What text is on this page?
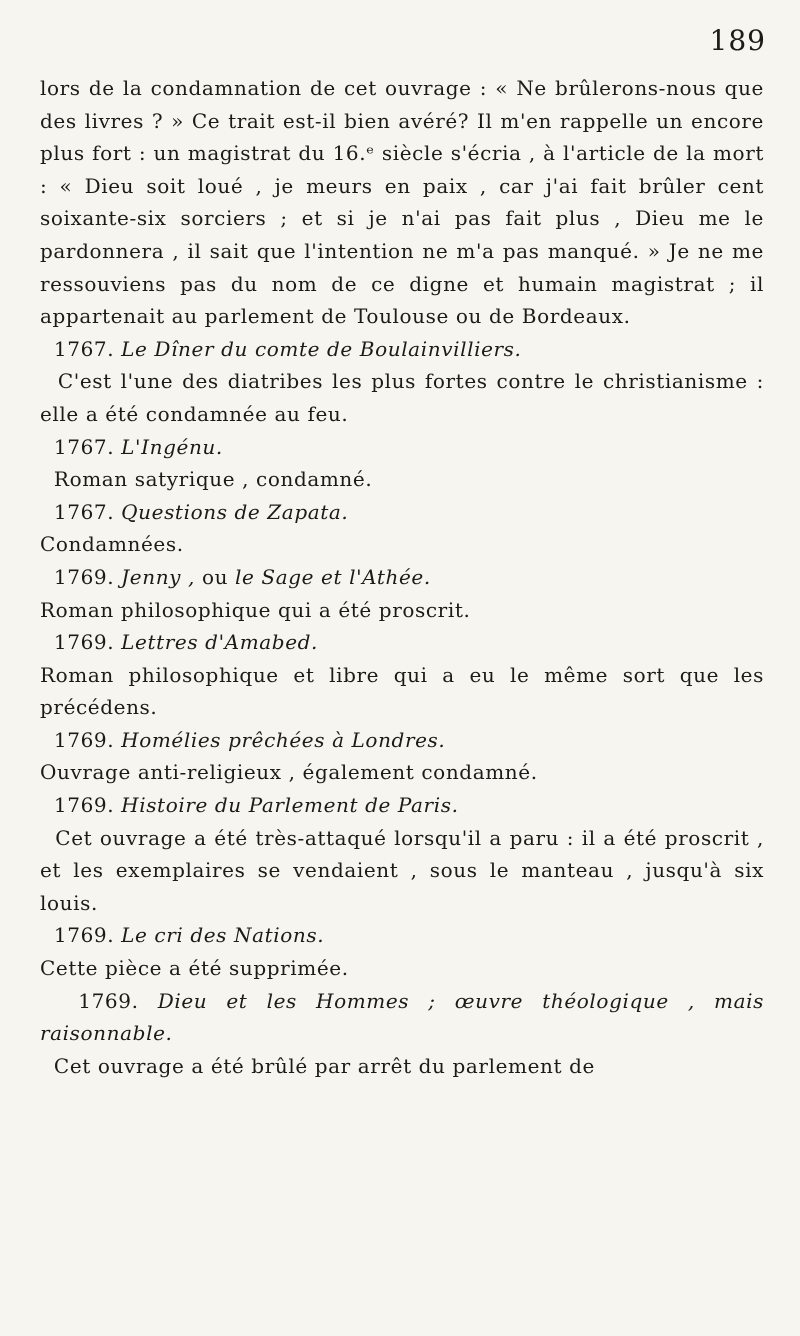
189

lors de la condamnation de cet ouvrage : « Ne brûlerons-nous que des livres ? » Ce trait est-il bien avéré? Il m'en rappelle un encore plus fort : un magistrat du 16.ᵉ siècle s'écria , à l'article de la mort : « Dieu soit loué , je meurs en paix , car j'ai fait brûler cent soixante-six sorciers ; et si je n'ai pas fait plus , Dieu me le pardonnera , il sait que l'intention ne m'a pas manqué. » Je ne me ressouviens pas du nom de ce digne et humain magistrat ; il appartenait au parlement de Toulouse ou de Bordeaux.

1767. Le Dîner du comte de Boulainvilliers.

C'est l'une des diatribes les plus fortes contre le christianisme : elle a été condamnée au feu.

1767. L'Ingénu.

Roman satyrique , condamné.

1767. Questions de Zapata.

Condamnées.

1769. Jenny , ou le Sage et l'Athée.

Roman philosophique qui a été proscrit.

1769. Lettres d'Amabed.

Roman philosophique et libre qui a eu le même sort que les précédens.

1769. Homélies prêchées à Londres.

Ouvrage anti-religieux , également condamné.

1769. Histoire du Parlement de Paris.

Cet ouvrage a été très-attaqué lorsqu'il a paru : il a été proscrit , et les exemplaires se vendaient , sous le manteau , jusqu'à six louis.

1769. Le cri des Nations.

Cette pièce a été supprimée.

1769. Dieu et les Hommes ; œuvre théologique , mais raisonnable.

Cet ouvrage a été brûlé par arrêt du parlement de
